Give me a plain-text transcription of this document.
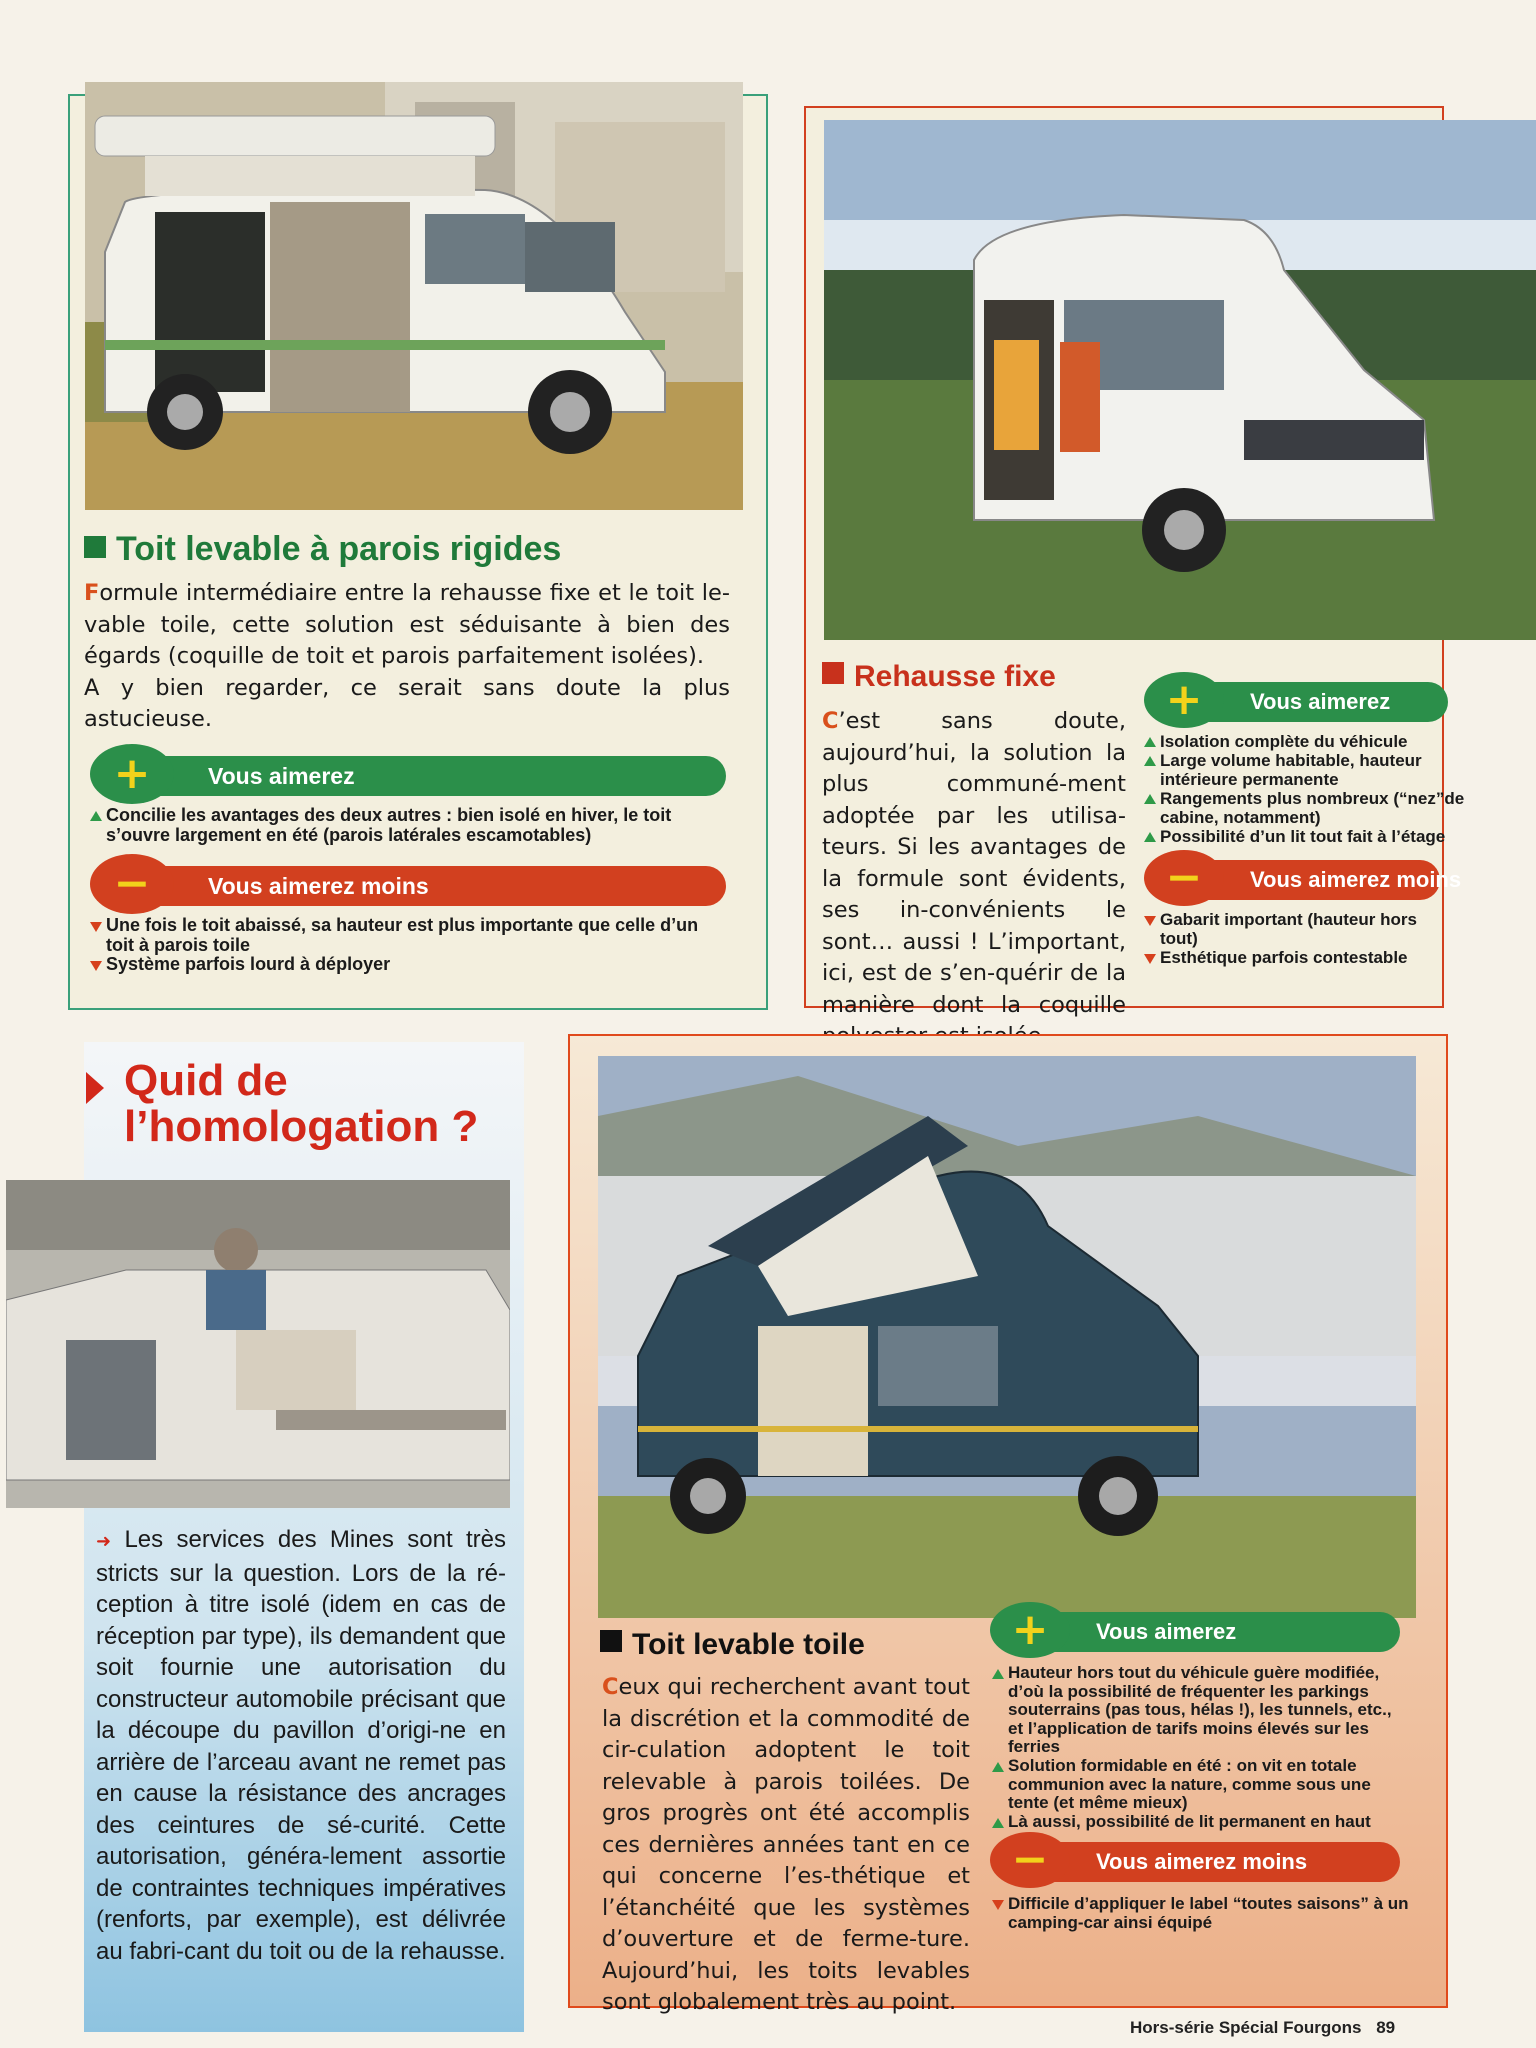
Toit levable à parois rigides
Formule intermédiaire entre la rehausse fixe et le toit le-vable toile, cette solution est séduisante à bien des égards (coquille de toit et parois parfaitement isolées).
A y bien regarder, ce serait sans doute la plus astucieuse.
Vous aimerez
+
Concilie les avantages des deux autres : bien isolé en hiver, le toit s’ouvre largement en été (parois latérales escamotables)
Vous aimerez moins
−
Une fois le toit abaissé, sa hauteur est plus importante que celle d’un toit à parois toile
Système parfois lourd à déployer
Rehausse fixe
C’est sans doute, aujourd’hui, la solution la plus communé-ment adoptée par les utilisa-teurs. Si les avantages de la formule sont évidents, ses in-convénients le sont… aussi ! L’important, ici, est de s’en-quérir de la manière dont la coquille
Vous aimerez
+
Isolation complète du véhicule
Large volume habitable, hauteur intérieure permanente
Rangements plus nombreux (“nez”de cabine, notamment)
Possibilité d’un lit tout fait à l’étage
Vous aimerez moins
−
Gabarit important (hauteur hors tout)
Esthétique parfois contestable
Quid de
l’homologation ?
➜ Les services des Mines sont très stricts sur la question. Lors de la ré-ception à titre isolé (idem en cas de réception par type), ils demandent que soit fournie une autorisation du constructeur automobile précisant que la découpe du pavillon d’origi-ne en arrière de l’arceau avant ne remet pas en cause la résistance des ancrages des ceintures de sé-curité. Cette autorisation, généra-lement assortie de contraintes techniques impératives (renforts, par exemple), est délivrée au fabri-cant du toit ou de la rehausse.
Toit levable toile
Ceux qui recherchent avant tout la discrétion et la commodité de cir-culation adoptent le toit relevable à parois toilées. De gros progrès ont été accomplis ces dernières années tant en ce qui concerne l’es-thétique et l’étanchéité que les systèmes d’ouverture et de ferme-ture. Aujourd’hui, les toits levables sont globalement très au point.
Vous aimerez
+
Hauteur hors tout du véhicule guère modifiée, d’où la possibilité de fréquenter les parkings souterrains (pas tous, hélas !), les tunnels, etc., et l’application de tarifs moins élevés sur les ferries
Solution formidable en été : on vit en totale communion avec la nature, comme sous une tente (et même mieux)
Là aussi, possibilité de lit permanent en haut
Vous aimerez moins
−
Difficile d’appliquer le label “toutes saisons” à un camping-car ainsi équipé
Hors-série Spécial Fourgons 89
